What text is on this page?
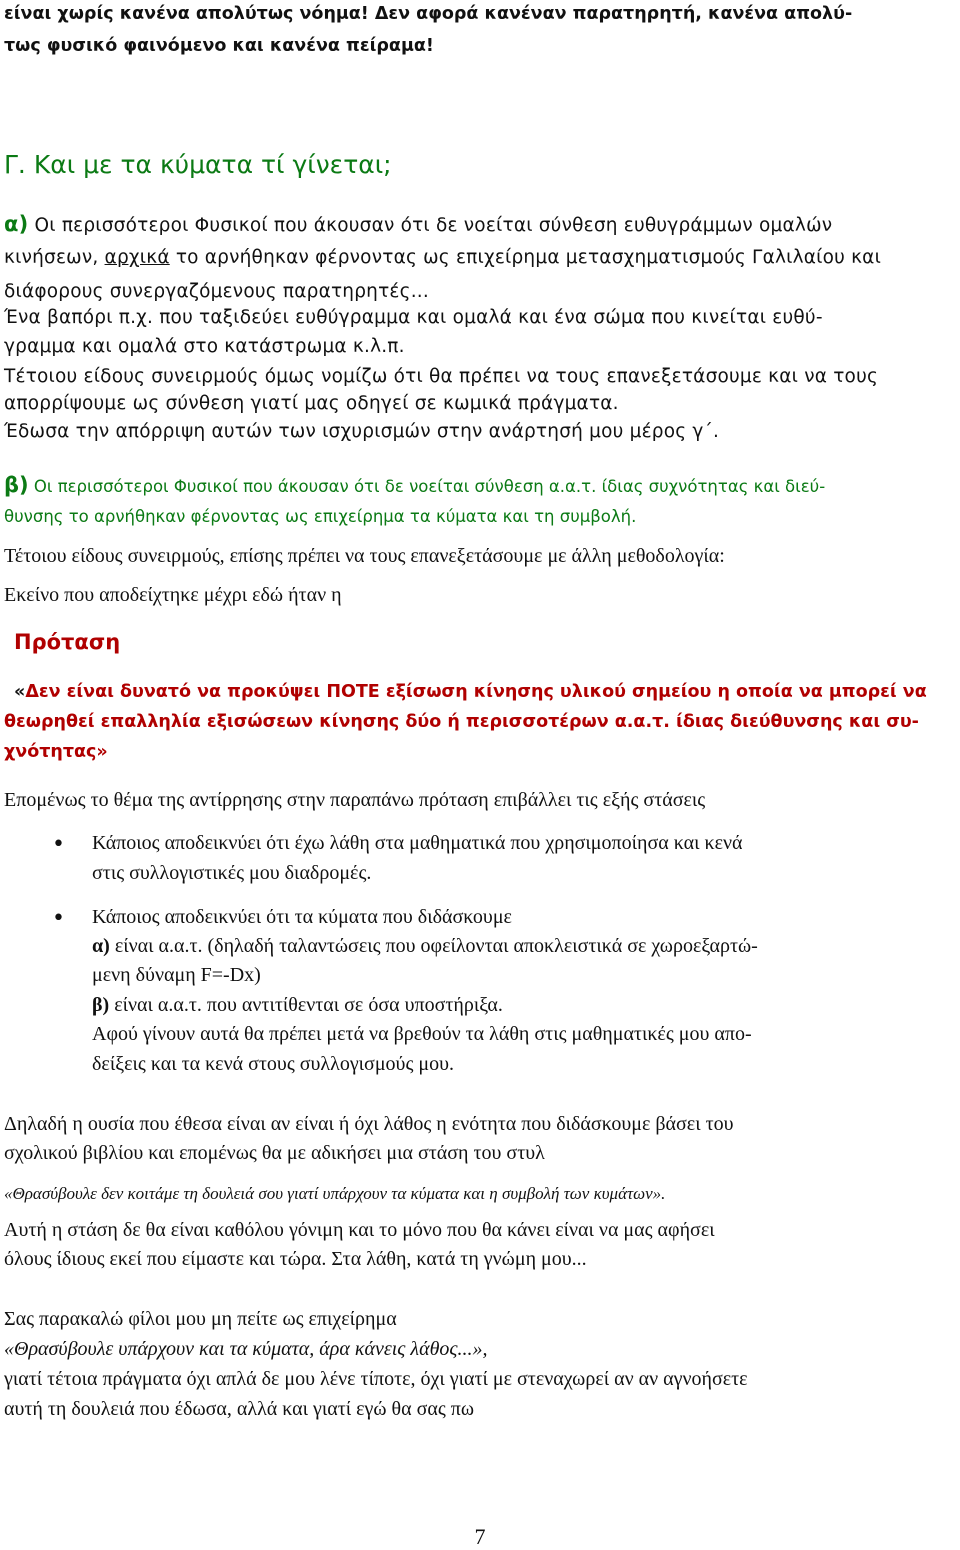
είναι χωρίς κανένα απολύτως νόημα! Δεν αφορά κανέναν παρατηρητή, κανένα απολύ-

τως φυσικό φαινόμενο και κανένα πείραμα!

Γ. Και με τα κύματα τί γίνεται;

α) Οι περισσότεροι Φυσικοί που άκουσαν ότι δε νοείται σύνθεση ευθυγράμμων ομαλών

κινήσεων, αρχικά το αρνήθηκαν φέρνοντας ως επιχείρημα μετασχηματισμούς Γαλιλαίου και

διάφορους συνεργαζόμενους παρατηρητές...

Ένα βαπόρι π.χ. που ταξιδεύει ευθύγραμμα και ομαλά και ένα σώμα που κινείται ευθύ-

γραμμα και ομαλά στο κατάστρωμα κ.λ.π.

Τέτοιου είδους συνειρμούς όμως νομίζω ότι θα πρέπει να τους επανεξετάσουμε και να τους

απορρίψουμε ως σύνθεση γιατί μας οδηγεί σε κωμικά πράγματα.

Έδωσα την απόρριψη αυτών των ισχυρισμών στην ανάρτησή μου μέρος γ΄.

β) Οι περισσότεροι Φυσικοί που άκουσαν ότι δε νοείται σύνθεση α.α.τ. ίδιας συχνότητας και διεύ-

θυνσης το αρνήθηκαν φέρνοντας ως επιχείρημα τα κύματα και τη συμβολή.

Τέτοιου είδους συνειρμούς, επίσης πρέπει να τους επανεξετάσουμε με άλλη μεθοδολογία:

Εκείνο που αποδείχτηκε μέχρι εδώ ήταν η

Πρόταση

«Δεν είναι δυνατό να προκύψει ΠΟΤΕ εξίσωση κίνησης υλικού σημείου η οποία να μπορεί να

θεωρηθεί επαλληλία εξισώσεων κίνησης δύο ή περισσοτέρων α.α.τ. ίδιας διεύθυνσης και συ-

χνότητας»

Επομένως το θέμα της αντίρρησης στην παραπάνω πρόταση επιβάλλει τις εξής στάσεις

• Κάποιος αποδεικνύει ότι έχω λάθη στα μαθηματικά που χρησιμοποίησα και κενά

στις συλλογιστικές μου διαδρομές.

• Κάποιος αποδεικνύει ότι τα κύματα που διδάσκουμε

α) είναι α.α.τ. (δηλαδή ταλαντώσεις που οφείλονται αποκλειστικά σε χωροεξαρτώ-

μενη δύναμη F=-Dx)

β) είναι α.α.τ. που αντιτίθενται σε όσα υποστήριξα.

Αφού γίνουν αυτά θα πρέπει μετά να βρεθούν τα λάθη στις μαθηματικές μου απο-

δείξεις και τα κενά στους συλλογισμούς μου.

Δηλαδή η ουσία που έθεσα είναι αν είναι ή όχι λάθος η ενότητα που διδάσκουμε βάσει του

σχολικού βιβλίου και επομένως θα με αδικήσει μια στάση του στυλ

«Θρασύβουλε δεν κοιτάμε τη δουλειά σου γιατί υπάρχουν τα κύματα και η συμβολή των κυμάτων».

Αυτή η στάση δε θα είναι καθόλου γόνιμη και το μόνο που θα κάνει είναι να μας αφήσει

όλους ίδιους εκεί που είμαστε και τώρα. Στα λάθη, κατά τη γνώμη μου...

Σας παρακαλώ φίλοι μου μη πείτε ως επιχείρημα

«Θρασύβουλε υπάρχουν και τα κύματα, άρα κάνεις λάθος...»,

γιατί τέτοια πράγματα όχι απλά δε μου λένε τίποτε, όχι γιατί με στεναχωρεί αν αν αγνοήσετε

αυτή τη δουλειά που έδωσα, αλλά και γιατί εγώ θα σας πω

7
